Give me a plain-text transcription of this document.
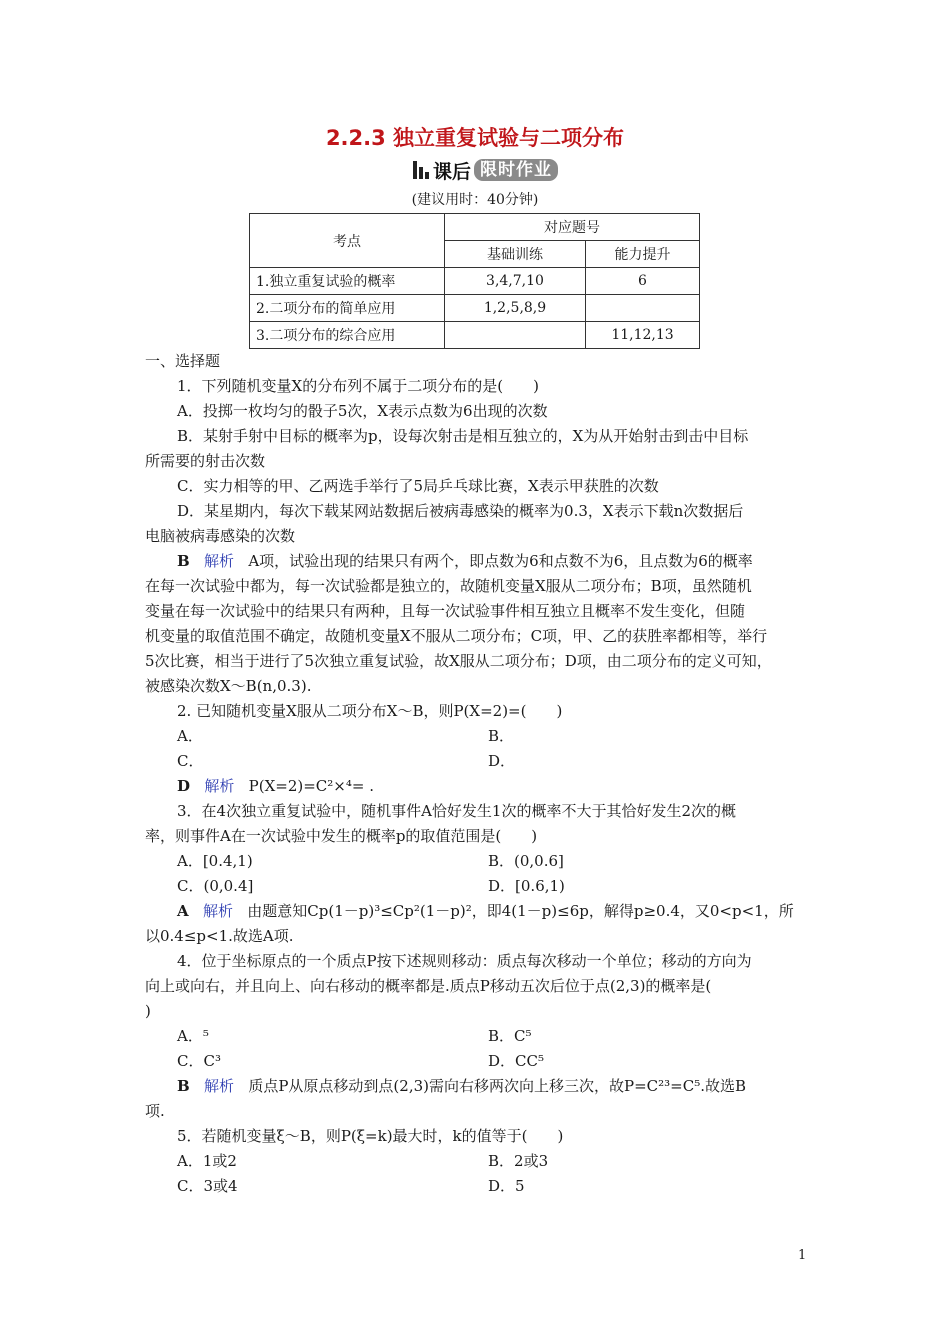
2.2.3 独立重复试验与二项分布
课后 限时作业
(建议用时：40分钟)
考点	对应题号	
	基础训练	能力提升
1.独立重复试验的概率	3,4,7,10	6
2.二项分布的简单应用	1,2,5,8,9	
3.二项分布的综合应用		11,12,13
一、选择题
1．下列随机变量X的分布列不属于二项分布的是(　　)
A．投掷一枚均匀的骰子5次，X表示点数为6出现的次数
B．某射手射中目标的概率为p，设每次射击是相互独立的，X为从开始射击到击中目标
所需要的射击次数
C．实力相等的甲、乙两选手举行了5局乒乓球比赛，X表示甲获胜的次数
D．某星期内，每次下载某网站数据后被病毒感染的概率为0.3，X表示下载n次数据后
电脑被病毒感染的次数
B 解析 A项，试验出现的结果只有两个，即点数为6和点数不为6，且点数为6的概率
在每一次试验中都为，每一次试验都是独立的，故随机变量X服从二项分布；B项，虽然随机
变量在每一次试验中的结果只有两种，且每一次试验事件相互独立且概率不发生变化，但随
机变量的取值范围不确定，故随机变量X不服从二项分布；C项，甲、乙的获胜率都相等，举行
5次比赛，相当于进行了5次独立重复试验，故X服从二项分布；D项，由二项分布的定义可知，
被感染次数X～B(n,0.3).
2. 已知随机变量X服从二项分布X～B，则P(X=2)=(　　)
A．	B．
C．	D．
D 解析 P(X=2)=C²×⁴= .
3．在4次独立重复试验中，随机事件A恰好发生1次的概率不大于其恰好发生2次的概
率，则事件A在一次试验中发生的概率p的取值范围是(　　)
A．[0.4,1)	B．(0,0.6]
C．(0,0.4]	D．[0.6,1)
A 解析 由题意知Cp(1－p)³≤Cp²(1－p)²，即4(1－p)≤6p，解得p≥0.4，又0<p<1，所
以0.4≤p<1.故选A项.
4．位于坐标原点的一个质点P按下述规则移动：质点每次移动一个单位；移动的方向为
向上或向右，并且向上、向右移动的概率都是.质点P移动五次后位于点(2,3)的概率是(
)
A．⁵	B．C⁵
C．C³	D．CC⁵
B 解析 质点P从原点移动到点(2,3)需向右移两次向上移三次，故P=C²³=C⁵.故选B
项.
5．若随机变量ξ～B，则P(ξ=k)最大时，k的值等于(　　)
A．1或2	B．2或3
C．3或4	D．5
1
